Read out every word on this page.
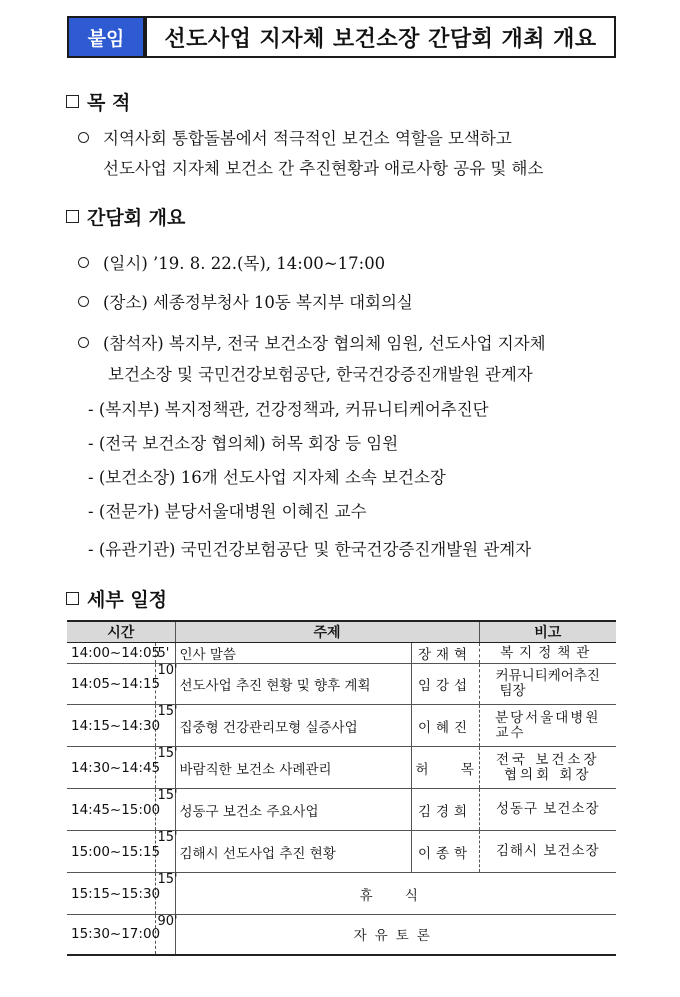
붙임	선도사업 지자체 보건소장 간담회 개최 개요
목 적
지역사회 통합돌봄에서 적극적인 보건소 역할을 모색하고
선도사업 지자체 보건소 간 추진현황과 애로사항 공유 및 해소
간담회 개요
(일시) ’19. 8. 22.(목), 14:00~17:00
(장소) 세종정부청사 10동 복지부 대회의실
(참석자) 복지부, 전국 보건소장 협의체 임원, 선도사업 지자체
보건소장 및 국민건강보험공단, 한국건강증진개발원 관계자
- (복지부) 복지정책관, 건강정책과, 커뮤니티케어추진단
- (전국 보건소장 협의체) 허목 회장 등 임원
- (보건소장) 16개 선도사업 지자체 소속 보건소장
- (전문가) 분당서울대병원 이혜진 교수
- (유관기관) 국민건강보험공단 및 한국건강증진개발원 관계자
세부 일정
시간		주제		비고
14:00~14:05	5'	인사 말씀	장재혁	복지정책관
14:05~14:15	10'	선도사업 추진 현황 및 향후 계획	임강섭	커뮤니티케어추진
팀장

14:15~14:30	15'	집중형 건강관리모형 실증사업	이혜진	분당서울대병원
교수

14:30~14:45	15'	바람직한 보건소 사례관리	허 목	전국 보건소장
협의회 회장

14:45~15:00	15'	성동구 보건소 주요사업	김경희	성동구 보건소장
15:00~15:15	15'	김해시 선도사업 추진 현황	이종학	김해시 보건소장
15:15~15:30	15'	휴 식		
15:30~17:00	90'	자유토론		
